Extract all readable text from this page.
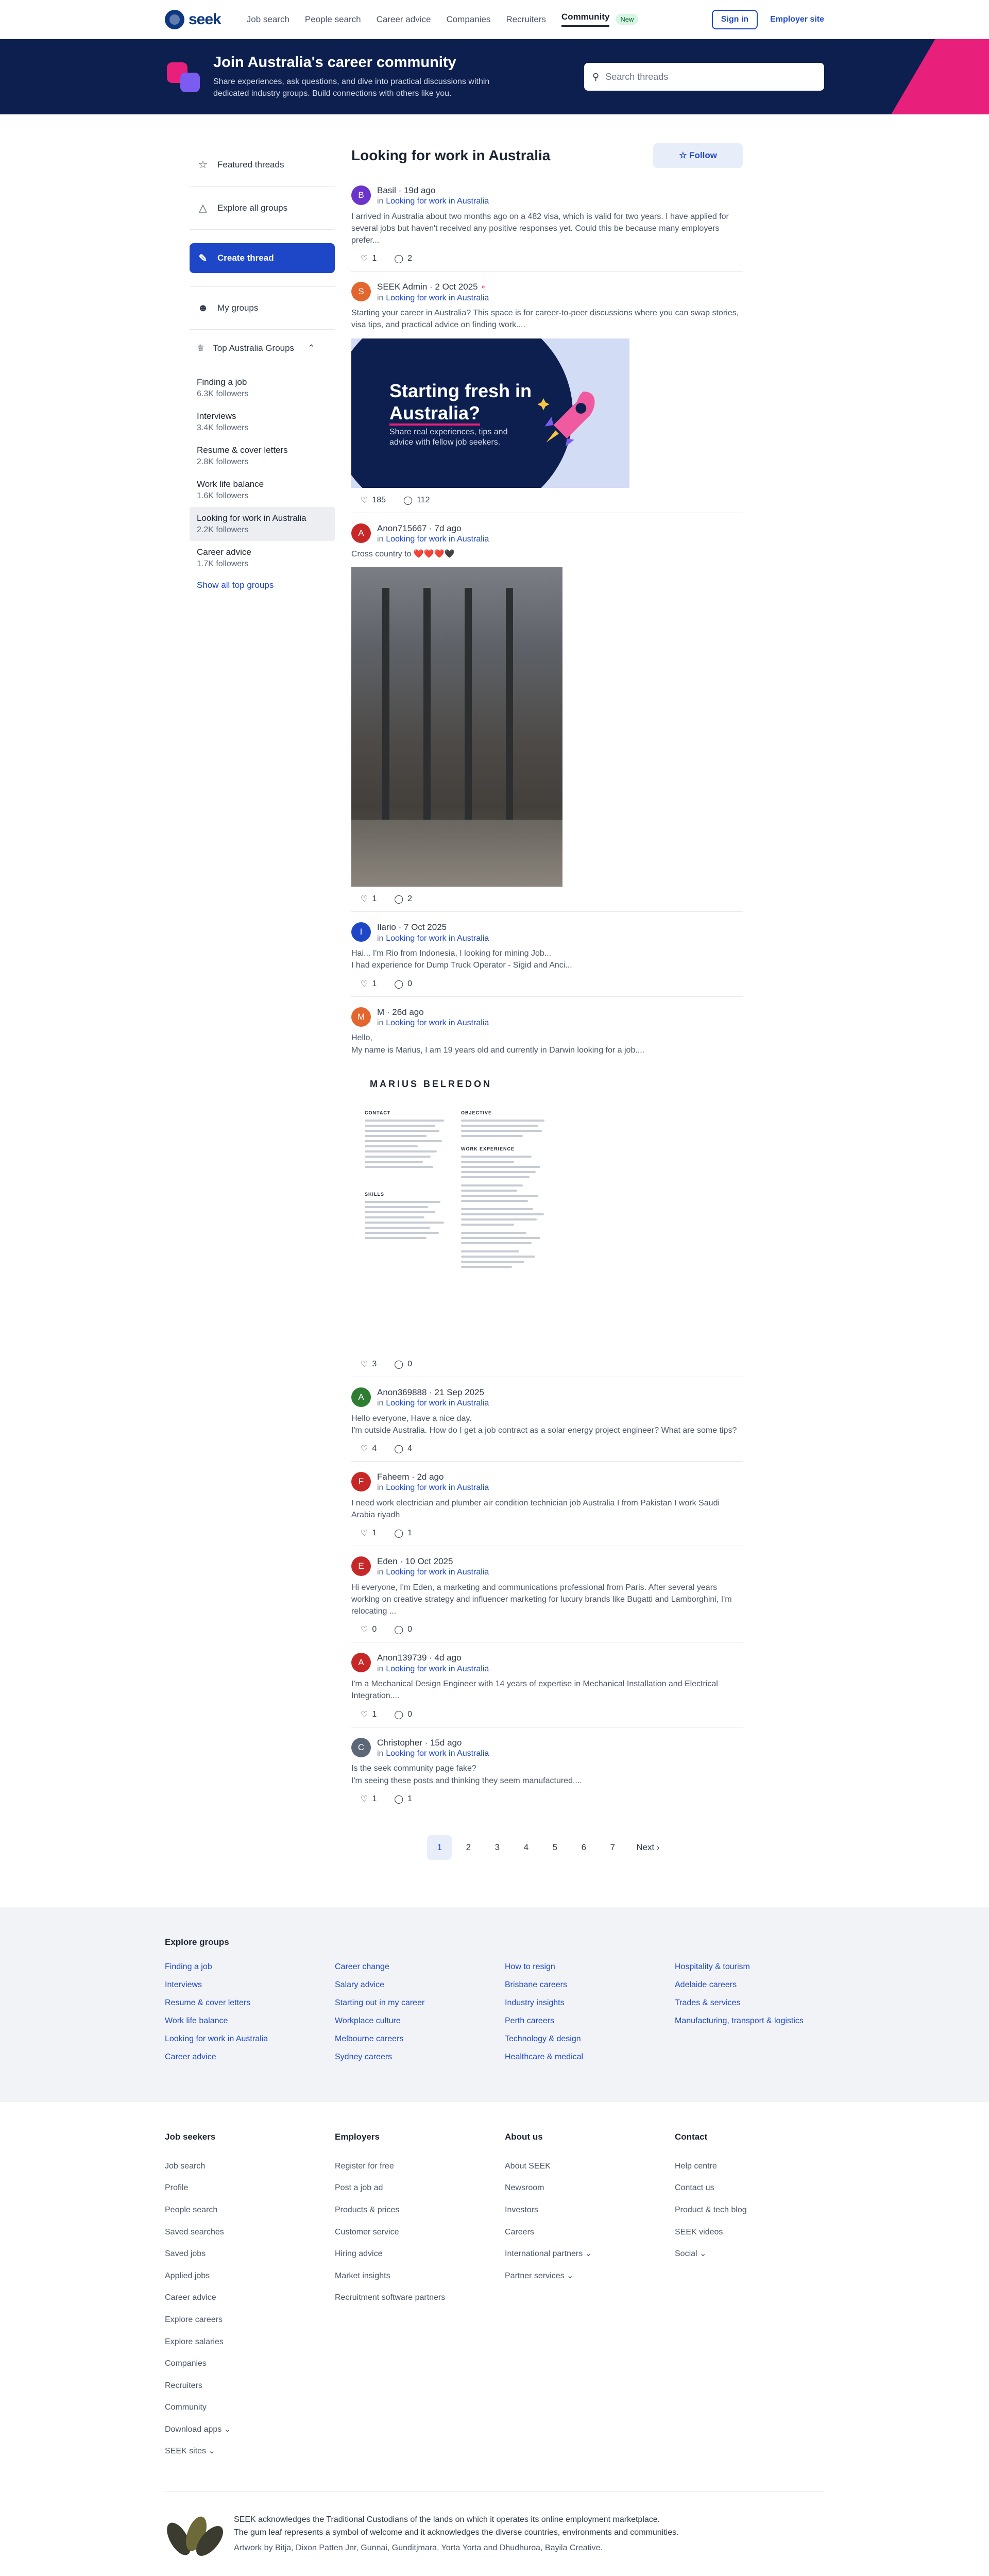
seek	Job search People search Career advice Companies Recruiters Community	New	Sign in	Employer site
Join Australia's career community
Share experiences, ask questions, and dive into practical discussions within dedicated industry groups. Build connections with others like you.
⚲
Search threads
☆ Featured threads
△ Explore all groups
✎ Create thread
☻ My groups
♕ Top Australia Groups ⌃
Finding a job
6.3K followers
Interviews
3.4K followers
Resume & cover letters
2.8K followers
Work life balance
1.6K followers
Looking for work in Australia
2.2K followers
Career advice
1.7K followers
Show all top groups
Looking for work in Australia	☆ Follow
B	Basil · 19d ago
in Looking for work in Australia
I arrived in Australia about two months ago on a 482 visa, which is valid for two years. I have applied for several jobs but haven't received any positive responses yet. Could this be because many employers prefer...
♡ 1 ◯ 2
S	SEEK Admin · 2 Oct 2025 ⚬
in Looking for work in Australia
Starting your career in Australia? This space is for career-to-peer discussions where you can swap stories, visa tips, and practical advice on finding work....
Starting fresh in
Australia?
Share real experiences, tips and advice with fellow job seekers.
♡ 185 ◯ 112
A	Anon715667 · 7d ago
in Looking for work in Australia
Cross country to ❤️❤️❤️🖤
♡ 1 ◯ 2
I	Ilario · 7 Oct 2025
in Looking for work in Australia
Hai... I'm Rio from Indonesia, I looking for mining Job...
I had experience for Dump Truck Operator - Sigid and Anci...
♡ 1 ◯ 0
M	M · 26d ago
in Looking for work in Australia
Hello,
My name is Marius, I am 19 years old and currently in Darwin looking for a job....
MARIUS BELREDON
CONTACT
SKILLS
OBJECTIVE
WORK EXPERIENCE
♡ 3 ◯ 0
A	Anon369888 · 21 Sep 2025
in Looking for work in Australia
Hello everyone, Have a nice day.
I'm outside Australia. How do I get a job contract as a solar energy project engineer? What are some tips?
♡ 4 ◯ 4
F	Faheem · 2d ago
in Looking for work in Australia
I need work electrician and plumber air condition technician job Australia I from Pakistan I work Saudi Arabia riyadh
♡ 1 ◯ 1
E	Eden · 10 Oct 2025
in Looking for work in Australia
Hi everyone, I'm Eden, a marketing and communications professional from Paris. After several years working on creative strategy and influencer marketing for luxury brands like Bugatti and Lamborghini, I'm relocating ...
♡ 0 ◯ 0
A	Anon139739 · 4d ago
in Looking for work in Australia
I'm a Mechanical Design Engineer with 14 years of expertise in Mechanical Installation and Electrical Integration....
♡ 1 ◯ 0
C	Christopher · 15d ago
in Looking for work in Australia
Is the seek community page fake?
I'm seeing these posts and thinking they seem manufactured....
♡ 1 ◯ 1
1	2	3	4	5	6	7	Next ›
Explore groups
Finding a job	Career change	How to resign	Hospitality & tourism
Interviews	Salary advice	Brisbane careers	Adelaide careers
Resume & cover letters	Starting out in my career	Industry insights	Trades & services
Work life balance	Workplace culture	Perth careers	Manufacturing, transport & logistics
Looking for work in Australia	Melbourne careers	Technology & design
Career advice	Sydney careers	Healthcare & medical
Job seekers
Job search
Profile
People search
Saved searches
Saved jobs
Applied jobs
Career advice
Explore careers
Explore salaries
Companies
Recruiters
Community
Download apps ⌄
SEEK sites ⌄
Employers
Register for free
Post a job ad
Products & prices
Customer service
Hiring advice
Market insights
Recruitment software partners
About us
About SEEK
Newsroom
Investors
Careers
International partners ⌄
Partner services ⌄
Contact
Help centre
Contact us
Product & tech blog
SEEK videos
Social ⌄
SEEK acknowledges the Traditional Custodians of the lands on which it operates its online employment marketplace.
The gum leaf represents a symbol of welcome and it acknowledges the diverse countries, environments and communities.
Artwork by Bitja, Dixon Patten Jnr, Gunnai, Gunditjmara, Yorta Yorta and Dhudhuroa, Bayila Creative.
